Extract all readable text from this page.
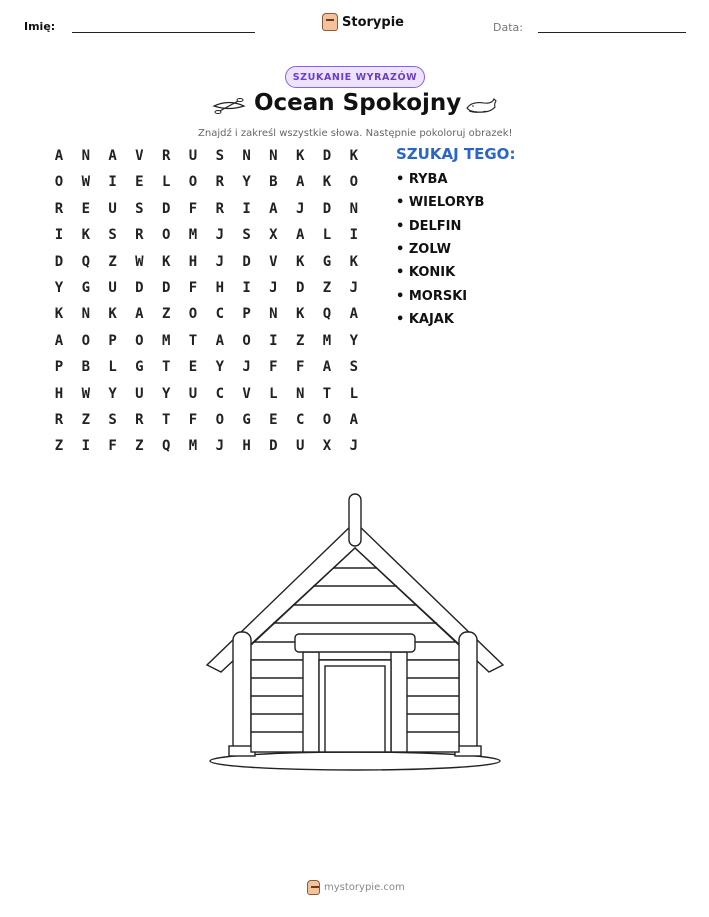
Imię:	Storypie	Data:
SZUKANIE WYRAZÓW
Ocean Spokojny
Znajdź i zakreśl wszystkie słowa. Następnie pokoloruj obrazek!
A	N	A	V	R	U	S	N	N	K	D	K
O	W	I	E	L	O	R	Y	B	A	K	O
R	E	U	S	D	F	R	I	A	J	D	N
I	K	S	R	O	M	J	S	X	A	L	I
D	Q	Z	W	K	H	J	D	V	K	G	K
Y	G	U	D	D	F	H	I	J	D	Z	J
K	N	K	A	Z	O	C	P	N	K	Q	A
A	O	P	O	M	T	A	O	I	Z	M	Y
P	B	L	G	T	E	Y	J	F	F	A	S
H	W	Y	U	Y	U	C	V	L	N	T	L
R	Z	S	R	T	F	O	G	E	C	O	A
Z	I	F	Z	Q	M	J	H	D	U	X	J
SZUKAJ TEGO:
• RYBA
• WIELORYB
• DELFIN
• ZOLW
• KONIK
• MORSKI
• KAJAK
mystorypie.com
